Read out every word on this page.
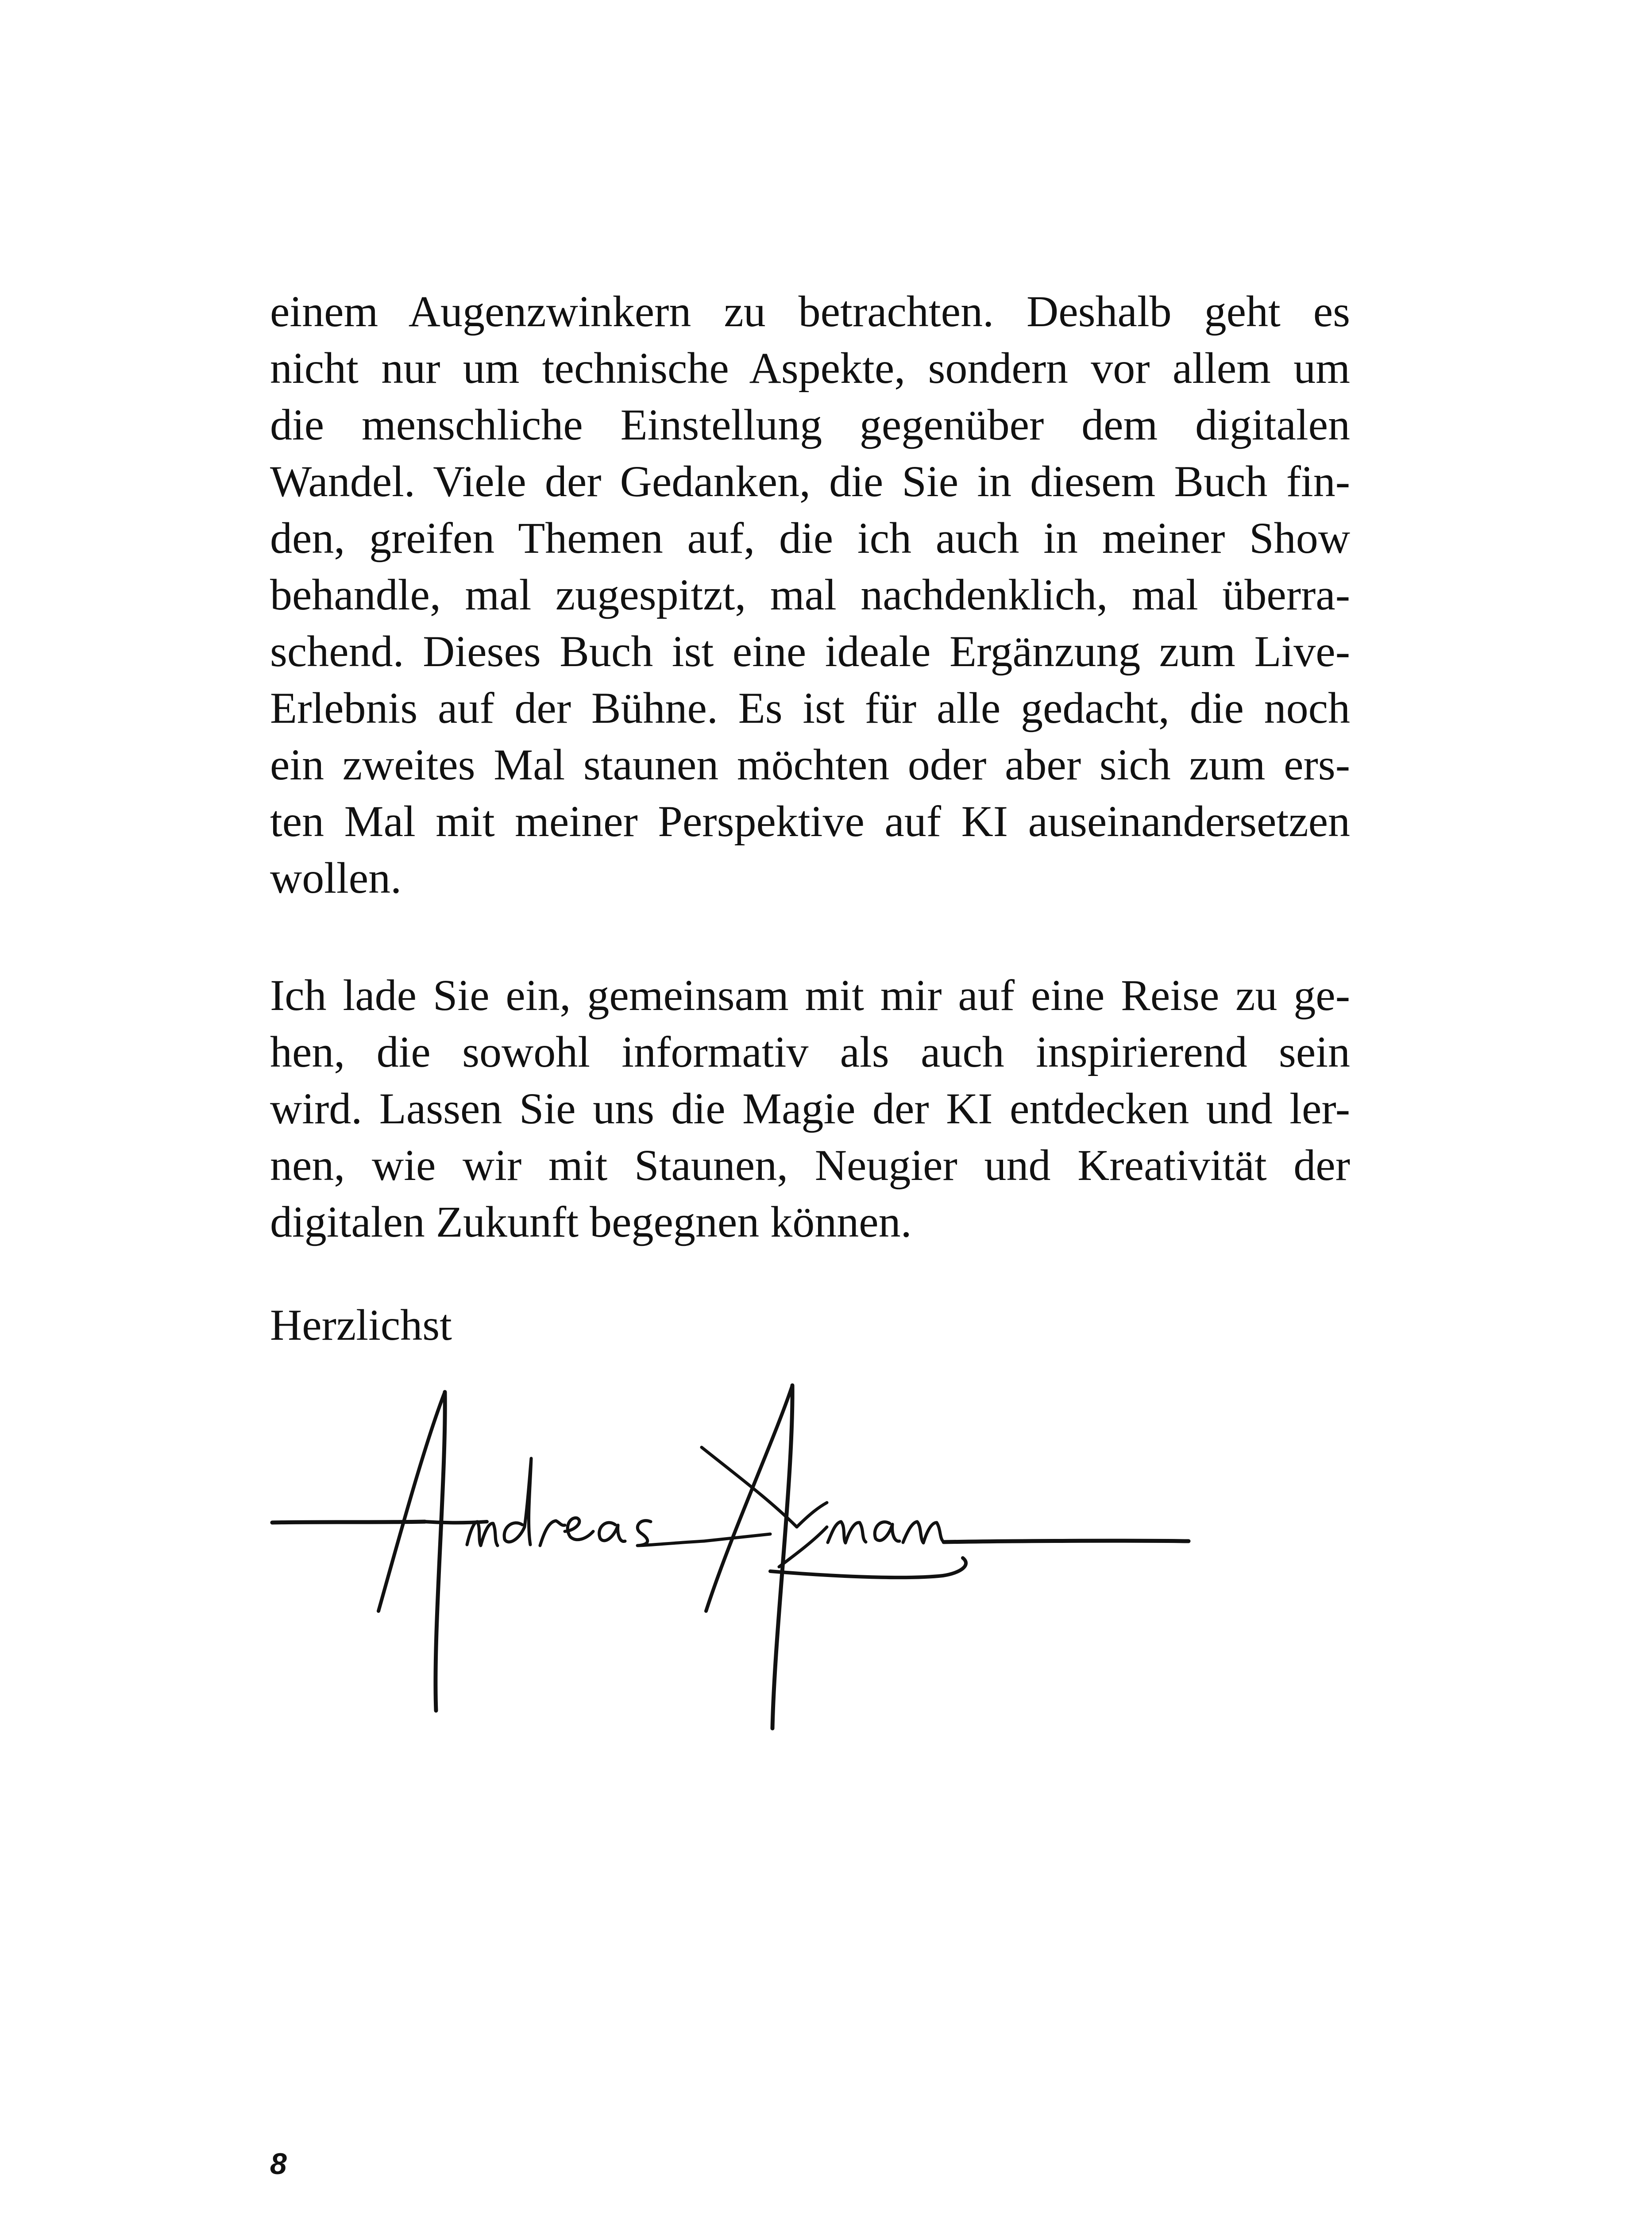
einem Augenzwinkern zu betrachten. Deshalb geht es
nicht nur um technische Aspekte, sondern vor allem um
die menschliche Einstellung gegenüber dem digitalen
Wandel. Viele der Gedanken, die Sie in diesem Buch fin-
den, greifen Themen auf, die ich auch in meiner Show
behandle, mal zugespitzt, mal nachdenklich, mal überra-
schend. Dieses Buch ist eine ideale Ergänzung zum Live-
Erlebnis auf der Bühne. Es ist für alle gedacht, die noch
ein zweites Mal staunen möchten oder aber sich zum ers-
ten Mal mit meiner Perspektive auf KI auseinandersetzen
wollen.
Ich lade Sie ein, gemeinsam mit mir auf eine Reise zu ge-
hen, die sowohl informativ als auch inspirierend sein
wird. Lassen Sie uns die Magie der KI entdecken und ler-
nen, wie wir mit Staunen, Neugier und Kreativität der
digitalen Zukunft begegnen können.
Herzlichst
8
